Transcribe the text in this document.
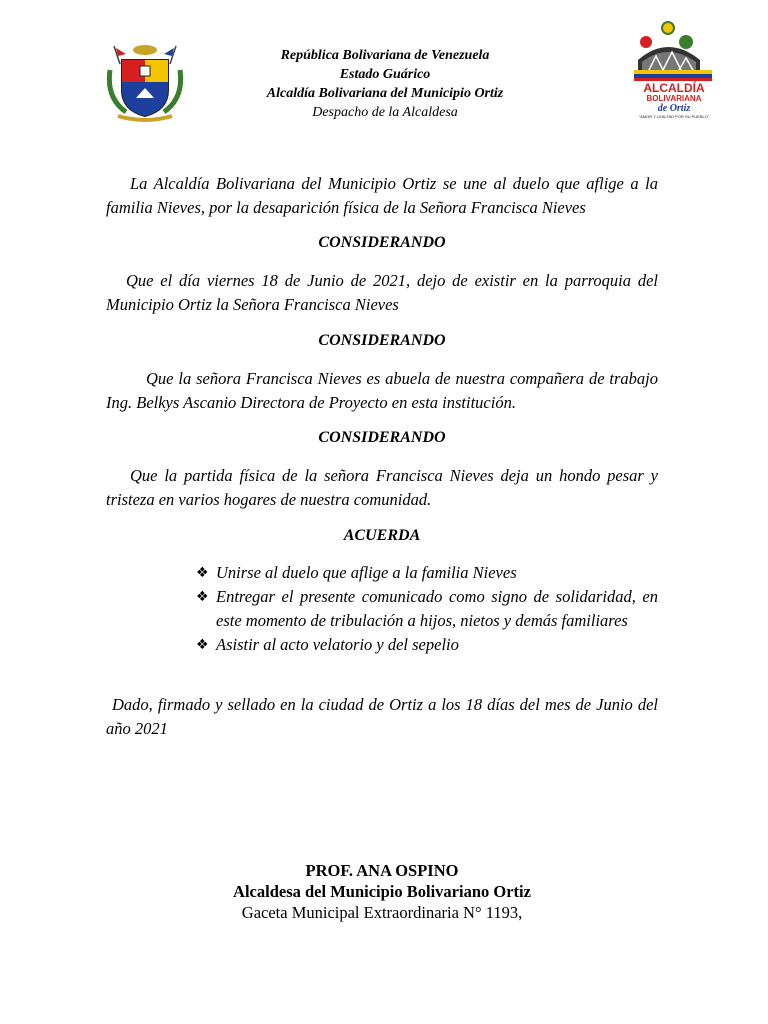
República Bolivariana de Venezuela
Estado Guárico
Alcaldía Bolivariana del Municipio Ortiz
Despacho de la Alcaldesa
ALCALDÍA
BOLIVARIANA
de Ortiz
"AMOR Y LEALTAD POR SU PUEBLO"
La Alcaldía Bolivariana del Municipio Ortiz se une al duelo que aflige a la familia Nieves, por la desaparición física de la Señora Francisca Nieves
CONSIDERANDO
Que el día viernes 18 de Junio de 2021, dejo de existir en la parroquia del Municipio Ortiz la Señora Francisca Nieves
CONSIDERANDO
Que la señora Francisca Nieves es abuela de nuestra compañera de trabajo Ing. Belkys Ascanio Directora de Proyecto en esta institución.
CONSIDERANDO
Que la partida física de la señora Francisca Nieves deja un hondo pesar y tristeza en varios hogares de nuestra comunidad.
ACUERDA
❖ Unirse al duelo que aflige a la familia Nieves
❖ Entregar el presente comunicado como signo de solidaridad, en este momento de tribulación a hijos, nietos y demás familiares
❖ Asistir al acto velatorio y del sepelio
Dado, firmado y sellado en la ciudad de Ortiz a los 18 días del mes de Junio del año 2021
PROF. ANA OSPINO
Alcaldesa del Municipio Bolivariano Ortiz
Gaceta Municipal Extraordinaria N° 1193,
